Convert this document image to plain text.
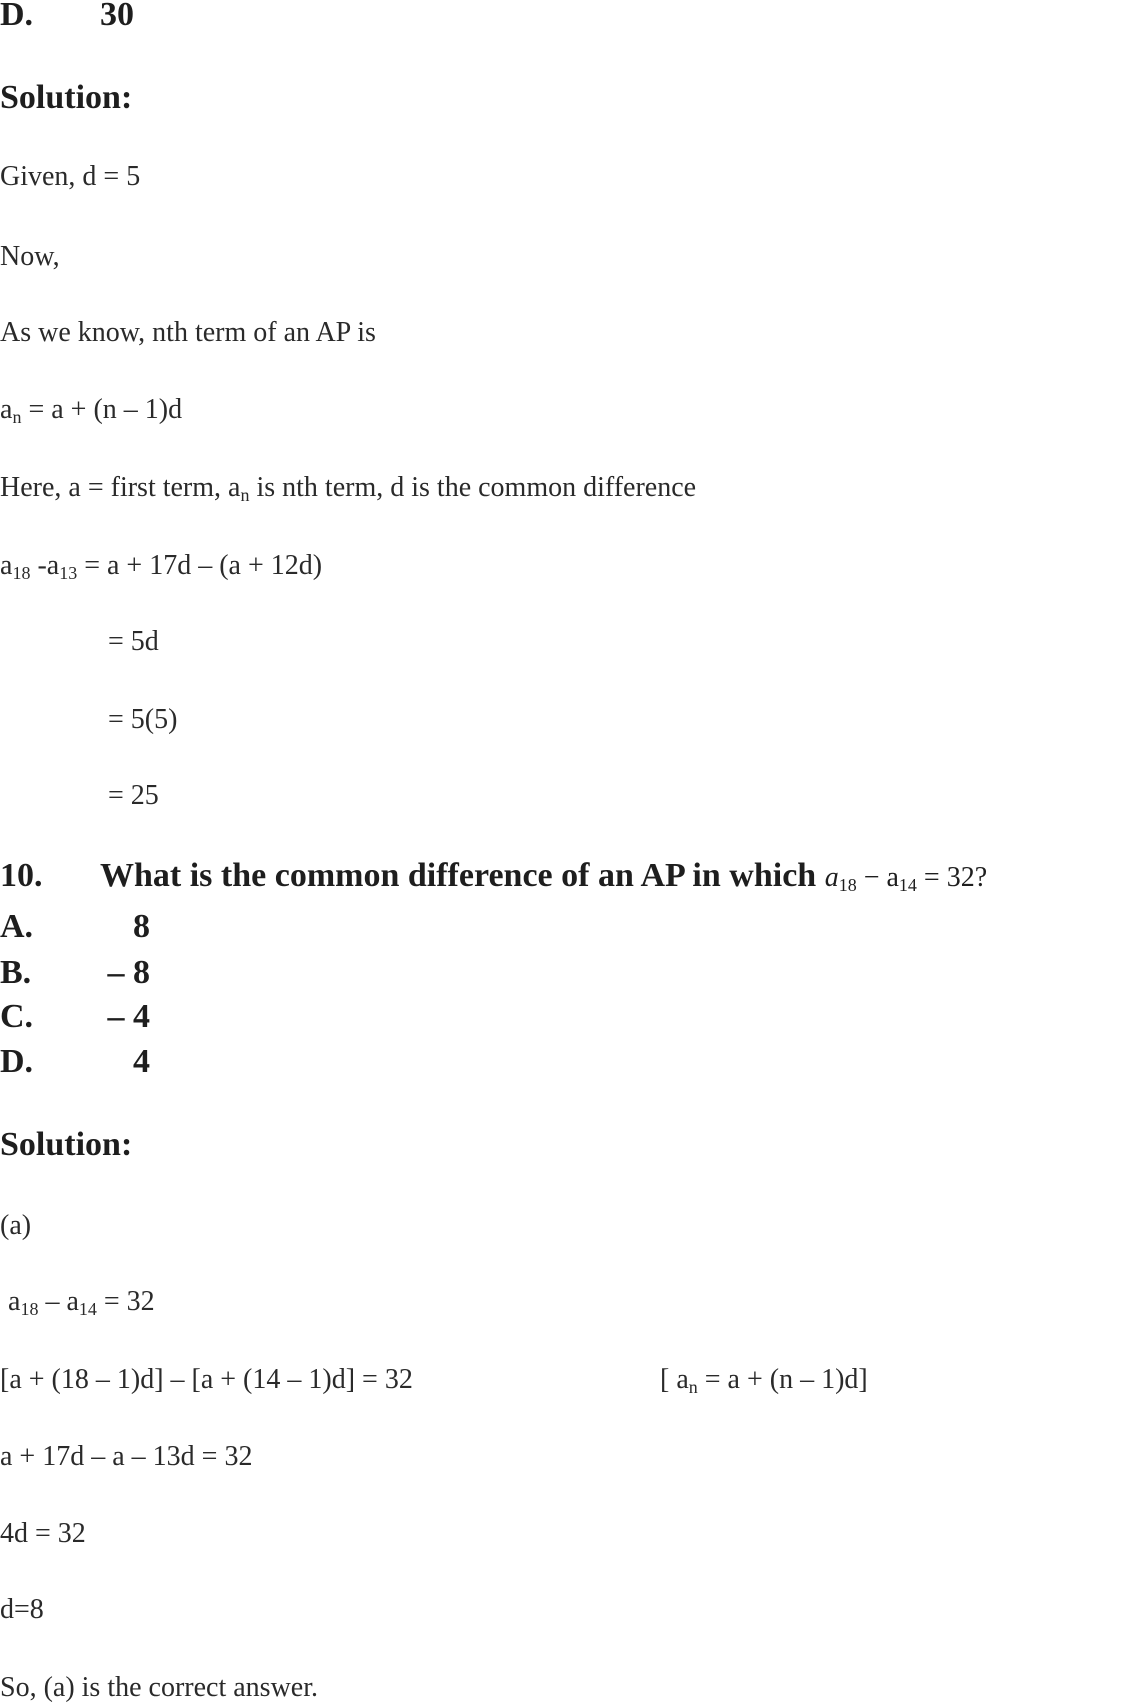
D. 30
Solution:
Given, d = 5
Now,
As we know, nth term of an AP is
$a_n = a + (n - 1)d$
Here, a = first term, $a_n$ is nth term, d is the common difference
$a_{18}$ $-a_{13} = a + 17d - (a + 12d)$
= 5d
= 5(5)
= 25
10. What is the common difference of an AP in which $a_{18} - a_{14} = 32$?
A.	8
B. – 8
C. – 4
D.	4
Solution:
(a)
$a_{18} - a_{14} = 32$
[a + (18 – 1)d] – [a + (14 – 1)d] = 32	[ $a_n = a + (n - 1)d$]
a + 17d – a – 13d = 32
4d = 32
d=8
So, (a) is the correct answer.
